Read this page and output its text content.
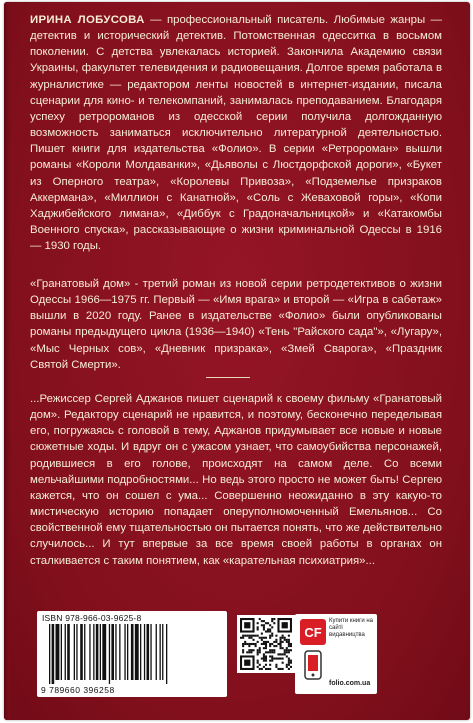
ИРИНА ЛОБУСОВА — профессиональный писатель. Любимые жанры — детектив и исторический детектив. Потомственная одесситка в восьмом поколении. С детства увлекалась историей. Закончила Академию связи Украины, факультет телевидения и радиовещания. Долгое время работала в журналистике — редактором ленты новостей в интернет-издании, писала сценарии для кино- и телекомпаний, занималась преподаванием. Благодаря успеху ретророманов из одесской серии получила долгожданную возможность заниматься исключительно литературной деятельностью. Пишет книги для издательства «Фолио». В серии «Ретророман» вышли романы «Короли Молдаванки», «Дьяволы с Люстдорфской дороги», «Букет из Оперного театра», «Королевы Привоза», «Подземелье призраков Аккермана», «Миллион с Канатной», «Соль с Жеваховой горы», «Копи Хаджибейского лимана», «Диббук с Градоначальницкой» и «Катакомбы Военного спуска», рассказывающие о жизни криминальной Одессы в 1916 — 1930 годы.

«Гранатовый дом» - третий роман из новой серии ретродетективов о жизни Одессы 1966—1975 гг. Первый — «Имя врага» и второй — «Игра в сабөтаж» вышли в 2020 году. Ранее в издательстве «Фолио» были опубликованы романы предыдущего цикла (1936—1940) «Тень "Райского сада"», «Лугару», «Мыс Черных сов», «Дневник призрака», «Змей Сварога», «Праздник Святой Смерти».

...Режиссер Сергей Аджанов пишет сценарий к своему фильму «Гранатовый дом». Редактору сценарий не нравится, и поэтому, бесконечно переделывая его, погружаясь с головой в тему, Аджанов придумывает все новые и новые сюжетные ходы. И вдруг он с ужасом узнает, что самоубийства персонажей, родившиеся в его голове, происходят на самом деле. Со всеми мельчайшими подробностями... Но ведь этого просто не может быть! Сергею кажется, что он сошел с ума... Совершенно неожиданно в эту какую-то мистическую историю попадает оперуполномоченный Емельянов... Со свойственной ему тщательностью он пытается понять, что же действительно случилось... И тут впервые за все время своей работы в органах он сталкивается с таким понятием, как «карательная психиатрия»...

ISBN 978-966-03-9625-8
9 789660 396258
CF
Купити книги на сайті видавництва
folio.com.ua
